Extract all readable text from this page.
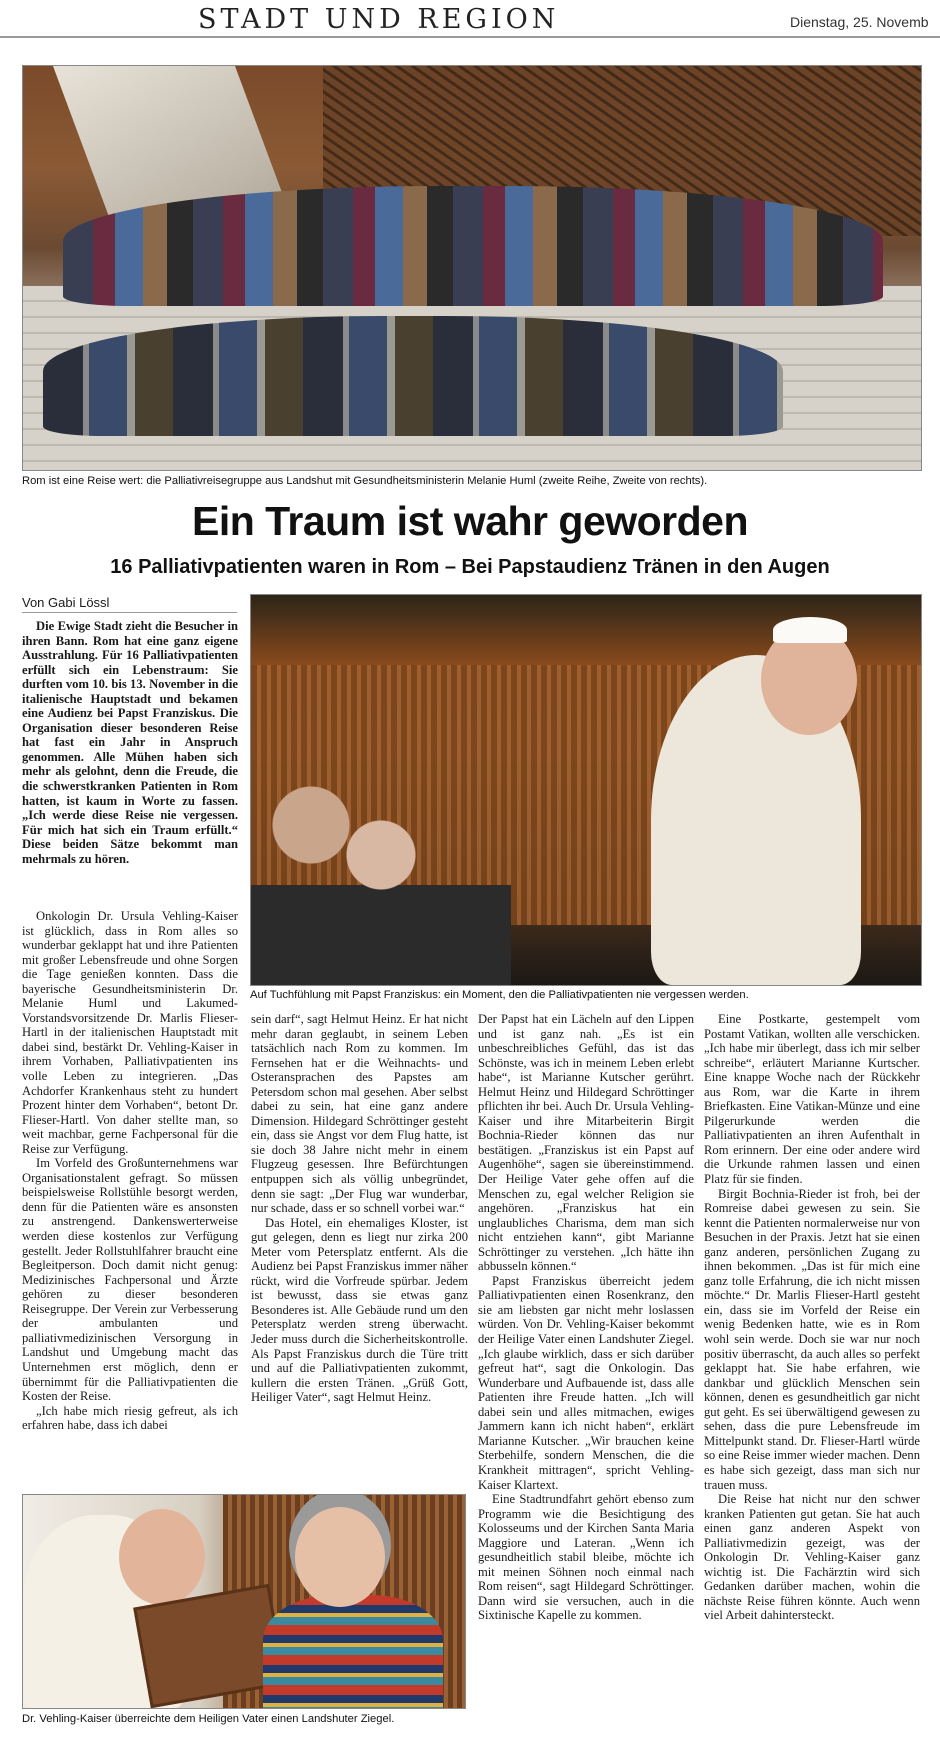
STADT UND REGION	Dienstag, 25. Novemb
Rom ist eine Reise wert: die Palliativreisegruppe aus Landshut mit Gesundheitsministerin Melanie Huml (zweite Reihe, Zweite von rechts).
Ein Traum ist wahr geworden
16 Palliativpatienten waren in Rom – Bei Papstaudienz Tränen in den Augen
Von Gabi Lössl

Die Ewige Stadt zieht die Besucher in ihren Bann. Rom hat eine ganz eigene Ausstrahlung. Für 16 Palliativpatienten erfüllt sich ein Lebenstraum: Sie durften vom 10. bis 13. November in die italienische Hauptstadt und bekamen eine Audienz bei Papst Franziskus. Die Organisation dieser besonderen Reise hat fast ein Jahr in Anspruch genommen. Alle Mühen haben sich mehr als gelohnt, denn die Freude, die die schwerstkranken Patienten in Rom hatten, ist kaum in Worte zu fassen. „Ich werde diese Reise nie vergessen. Für mich hat sich ein Traum erfüllt.“ Diese beiden Sätze bekommt man mehrmals zu hören.

Onkologin Dr. Ursula Vehling-Kaiser ist glücklich, dass in Rom alles so wunderbar geklappt hat und ihre Patienten mit großer Lebensfreude und ohne Sorgen die Tage genießen konnten. Dass die bayerische Gesundheitsministerin Dr. Melanie Huml und Lakumed-Vorstandsvorsitzende Dr. Marlis Flieser-Hartl in der italienischen Hauptstadt mit dabei sind, bestärkt Dr. Vehling-Kaiser in ihrem Vorhaben, Palliativpatienten ins volle Leben zu integrieren. „Das Achdorfer Krankenhaus steht zu hundert Prozent hinter dem Vorhaben“, betont Dr. Flieser-Hartl. Von daher stellte man, so weit machbar, gerne Fachpersonal für die Reise zur Verfügung.

Im Vorfeld des Großunternehmens war Organisationstalent gefragt. So müssen beispielsweise Rollstühle besorgt werden, denn für die Patienten wäre es ansonsten zu anstrengend. Dankenswerterweise werden diese kostenlos zur Verfügung gestellt. Jeder Rollstuhlfahrer braucht eine Begleitperson. Doch damit nicht genug: Medizinisches Fachpersonal und Ärzte gehören zu dieser besonderen Reisegruppe. Der Verein zur Verbesserung der ambulanten und palliativmedizinischen Versorgung in Landshut und Umgebung macht das Unternehmen erst möglich, denn er übernimmt für die Palliativpatienten die Kosten der Reise.

„Ich habe mich riesig gefreut, als ich erfahren habe, dass ich dabei

Auf Tuchfühlung mit Papst Franziskus: ein Moment, den die Palliativpatienten nie vergessen werden.

sein darf“, sagt Helmut Heinz. Er hat nicht mehr daran geglaubt, in seinem Leben tatsächlich nach Rom zu kommen. Im Fernsehen hat er die Weihnachts- und Osteransprachen des Papstes am Petersdom schon mal gesehen. Aber selbst dabei zu sein, hat eine ganz andere Dimension. Hildegard Schröttinger gesteht ein, dass sie Angst vor dem Flug hatte, ist sie doch 38 Jahre nicht mehr in einem Flugzeug gesessen. Ihre Befürchtungen entpuppen sich als völlig unbegründet, denn sie sagt: „Der Flug war wunderbar, nur schade, dass er so schnell vorbei war.“

Das Hotel, ein ehemaliges Kloster, ist gut gelegen, denn es liegt nur zirka 200 Meter vom Petersplatz entfernt. Als die Audienz bei Papst Franziskus immer näher rückt, wird die Vorfreude spürbar. Jedem ist bewusst, dass sie etwas ganz Besonderes ist. Alle Gebäude rund um den Petersplatz werden streng überwacht. Jeder muss durch die Sicherheitskontrolle. Als Papst Franziskus durch die Türe tritt und auf die Palliativpatienten zukommt, kullern die ersten Tränen. „Grüß Gott, Heiliger Vater“, sagt Helmut Heinz.

Der Papst hat ein Lächeln auf den Lippen und ist ganz nah. „Es ist ein unbeschreibliches Gefühl, das ist das Schönste, was ich in meinem Leben erlebt habe“, ist Marianne Kutscher gerührt. Helmut Heinz und Hildegard Schröttinger pflichten ihr bei. Auch Dr. Ursula Vehling-Kaiser und ihre Mitarbeiterin Birgit Bochnia-Rieder können das nur bestätigen. „Franziskus ist ein Papst auf Augenhöhe“, sagen sie übereinstimmend. Der Heilige Vater gehe offen auf die Menschen zu, egal welcher Religion sie angehören. „Franziskus hat ein unglaubliches Charisma, dem man sich nicht entziehen kann“, gibt Marianne Schröttinger zu verstehen. „Ich hätte ihn abbusseln können.“

Papst Franziskus überreicht jedem Palliativpatienten einen Rosenkranz, den sie am liebsten gar nicht mehr loslassen würden. Von Dr. Vehling-Kaiser bekommt der Heilige Vater einen Landshuter Ziegel. „Ich glaube wirklich, dass er sich darüber gefreut hat“, sagt die Onkologin. Das Wunderbare und Aufbauende ist, dass alle Patienten ihre Freude hatten. „Ich will dabei sein und alles mitmachen, ewiges Jammern kann ich nicht haben“, erklärt Marianne Kutscher. „Wir brauchen keine Sterbehilfe, sondern Menschen, die die Krankheit mittragen“, spricht Vehling-Kaiser Klartext.

Eine Stadtrundfahrt gehört ebenso zum Programm wie die Besichtigung des Kolosseums und der Kirchen Santa Maria Maggiore und Lateran. „Wenn ich gesundheitlich stabil bleibe, möchte ich mit meinen Söhnen noch einmal nach Rom reisen“, sagt Hildegard Schröttinger. Dann wird sie versuchen, auch in die Sixtinische Kapelle zu kommen.

Eine Postkarte, gestempelt vom Postamt Vatikan, wollten alle verschicken. „Ich habe mir überlegt, dass ich mir selber schreibe“, erläutert Marianne Kurtscher. Eine knappe Woche nach der Rückkehr aus Rom, war die Karte in ihrem Briefkasten. Eine Vatikan-Münze und eine Pilgerurkunde werden die Palliativpatienten an ihren Aufenthalt in Rom erinnern. Der eine oder andere wird die Urkunde rahmen lassen und einen Platz für sie finden.

Birgit Bochnia-Rieder ist froh, bei der Romreise dabei gewesen zu sein. Sie kennt die Patienten normalerweise nur von Besuchen in der Praxis. Jetzt hat sie einen ganz anderen, persönlichen Zugang zu ihnen bekommen. „Das ist für mich eine ganz tolle Erfahrung, die ich nicht missen möchte.“ Dr. Marlis Flieser-Hartl gesteht ein, dass sie im Vorfeld der Reise ein wenig Bedenken hatte, wie es in Rom wohl sein werde. Doch sie war nur noch positiv überrascht, da auch alles so perfekt geklappt hat. Sie habe erfahren, wie dankbar und glücklich Menschen sein können, denen es gesundheitlich gar nicht gut geht. Es sei überwältigend gewesen zu sehen, dass die pure Lebensfreude im Mittelpunkt stand. Dr. Flieser-Hartl würde so eine Reise immer wieder machen. Denn es habe sich gezeigt, dass man sich nur trauen muss.

Die Reise hat nicht nur den schwer kranken Patienten gut getan. Sie hat auch einen ganz anderen Aspekt von Palliativmedizin gezeigt, was der Onkologin Dr. Vehling-Kaiser ganz wichtig ist. Die Fachärztin wird sich Gedanken darüber machen, wohin die nächste Reise führen könnte. Auch wenn viel Arbeit dahintersteckt.

Dr. Vehling-Kaiser überreichte dem Heiligen Vater einen Landshuter Ziegel.
